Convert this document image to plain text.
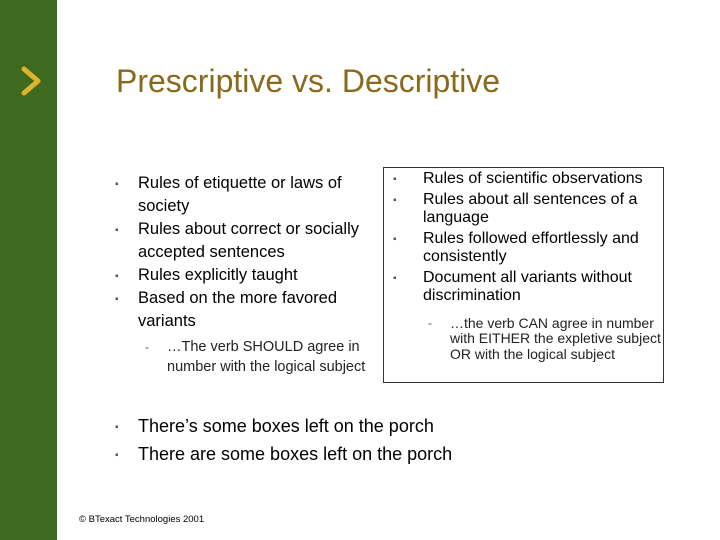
Prescriptive vs. Descriptive
▪ Rules of etiquette or laws of society
▪ Rules about correct or socially accepted sentences
▪ Rules explicitly taught
▪ Based on the more favored variants
- …The verb SHOULD agree in number with the logical subject
▪ Rules of scientific observations
▪ Rules about all sentences of a language
▪ Rules followed effortlessly and consistently
▪ Document all variants without discrimination
- …the verb CAN agree in number with EITHER the expletive subject OR with the logical subject
▪ There’s some boxes left on the porch
▪ There are some boxes left on the porch
© BTexact Technologies 2001
